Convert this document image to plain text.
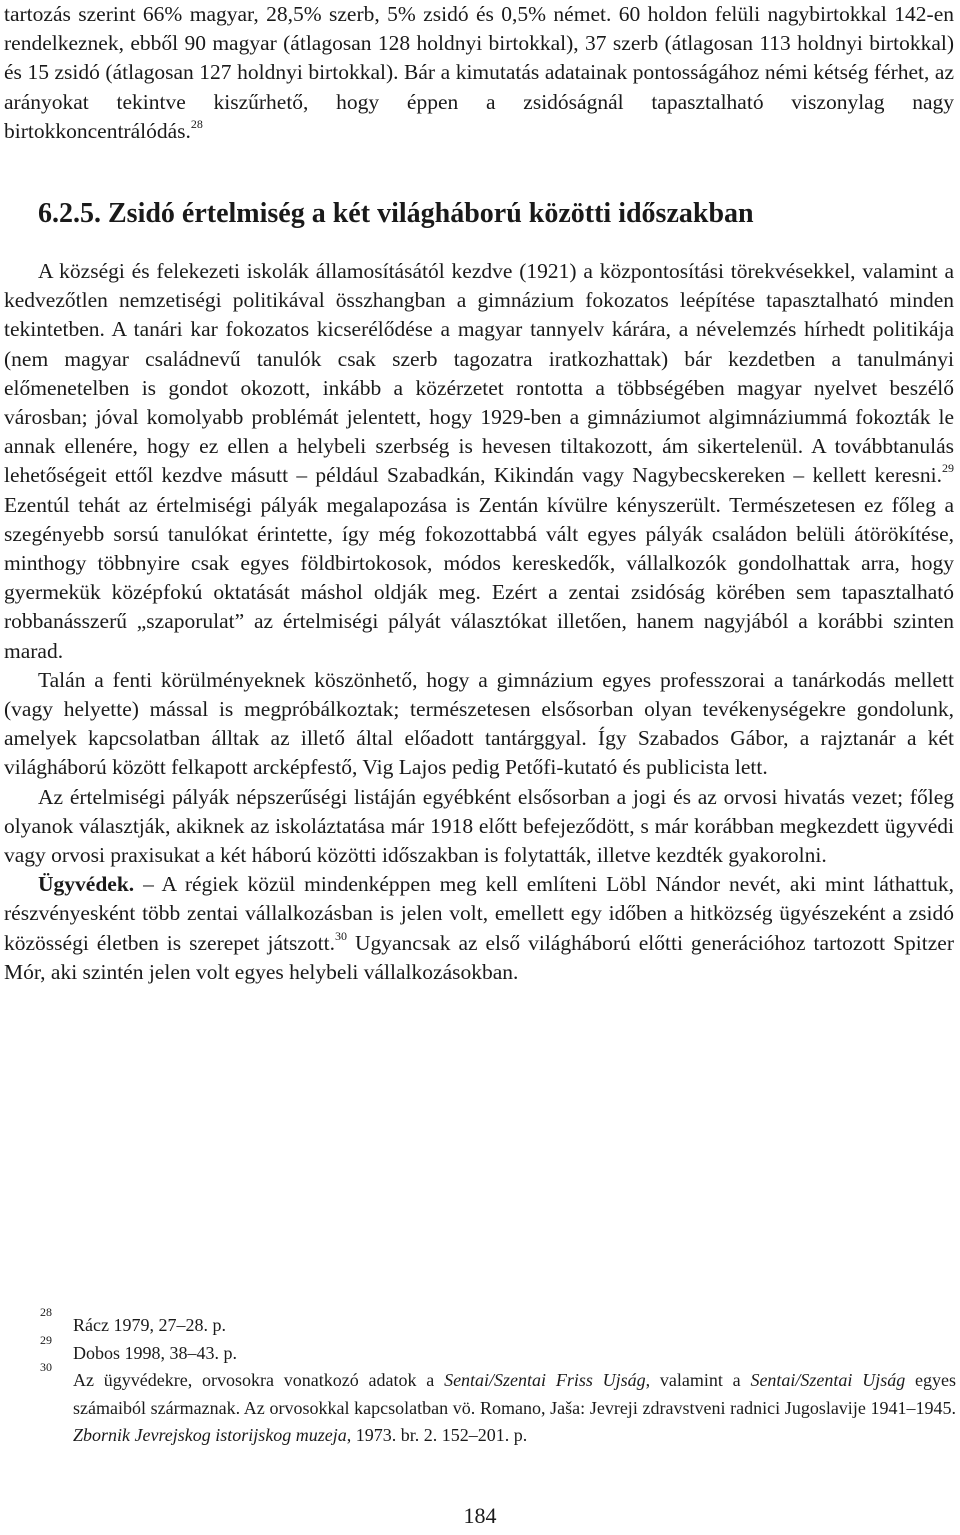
tartozás szerint 66% magyar, 28,5% szerb, 5% zsidó és 0,5% német. 60 holdon felüli nagybirtokkal 142-en rendelkeznek, ebből 90 magyar (átlagosan 128 holdnyi birtokkal), 37 szerb (átlagosan 113 holdnyi birtokkal) és 15 zsidó (átlagosan 127 holdnyi birtokkal). Bár a kimutatás adatainak pontosságához némi kétség férhet, az arányokat tekintve kiszűrhető, hogy éppen a zsidóságnál tapasztalható viszonylag nagy birtokkoncentrálódás.$^{28}$

6.2.5. Zsidó értelmiség a két világháború közötti időszakban

A községi és felekezeti iskolák államosításától kezdve (1921) a központosítási törekvésekkel, valamint a kedvezőtlen nemzetiségi politikával összhangban a gimnázium fokozatos leépítése tapasztalható minden tekintetben. A tanári kar fokozatos kicserélődése a magyar tannyelv kárára, a névelemzés hírhedt politikája (nem magyar családnevű tanulók csak szerb tagozatra iratkozhattak) bár kezdetben a tanulmányi előmenetelben is gondot okozott, inkább a közérzetet rontotta a többségében magyar nyelvet beszélő városban; jóval komolyabb problémát jelentett, hogy 1929-ben a gimnáziumot algimnáziummá fokozták le annak ellenére, hogy ez ellen a helybeli szerbség is hevesen tiltakozott, ám sikertelenül. A továbbtanulás lehetőségeit ettől kezdve másutt – például Szabadkán, Kikindán vagy Nagybecskereken – kellett keresni.$^{29}$ Ezentúl tehát az értelmiségi pályák megalapozása is Zentán kívülre kényszerült. Természetesen ez főleg a szegényebb sorsú tanulókat érintette, így még fokozottabbá vált egyes pályák családon belüli átörökítése, minthogy többnyire csak egyes földbirtokosok, módos kereskedők, vállalkozók gondolhattak arra, hogy gyermekük középfokú oktatását máshol oldják meg. Ezért a zentai zsidóság körében sem tapasztalható robbanásszerű „szaporulat” az értelmiségi pályát választókat illetően, hanem nagyjából a korábbi szinten marad.

Talán a fenti körülményeknek köszönhető, hogy a gimnázium egyes professzorai a tanárkodás mellett (vagy helyette) mással is megpróbálkoztak; természetesen elsősorban olyan tevékenységekre gondolunk, amelyek kapcsolatban álltak az illető által előadott tantárggyal. Így Szabados Gábor, a rajztanár a két világháború között felkapott arcképfestő, Vig Lajos pedig Petőfi-kutató és publicista lett.

Az értelmiségi pályák népszerűségi listáján egyébként elsősorban a jogi és az orvosi hivatás vezet; főleg olyanok választják, akiknek az iskoláztatása már 1918 előtt befejeződött, s már korábban megkezdett ügyvédi vagy orvosi praxisukat a két háború közötti időszakban is folytatták, illetve kezdték gyakorolni.

Ügyvédek. – A régiek közül mindenképpen meg kell említeni Löbl Nándor nevét, aki mint láthattuk, részvényesként több zentai vállalkozásban is jelen volt, emellett egy időben a hitközség ügyészeként a zsidó közösségi életben is szerepet játszott.$^{30}$ Ugyancsak az első világháború előtti generációhoz tartozott Spitzer Mór, aki szintén jelen volt egyes helybeli vállalkozásokban.

28
Rácz 1979, 27–28. p.
29
Dobos 1998, 38–43. p.
30
Az ügyvédekre, orvosokra vonatkozó adatok a Sentai/Szentai Friss Ujság, valamint a Sentai/Szentai Ujság egyes számaiból származnak. Az orvosokkal kapcsolatban vö. Romano, Jaša: Jevreji zdravstveni radnici Jugoslavije 1941–1945. Zbornik Jevrejskog istorijskog muzeja, 1973. br. 2. 152–201. p.
184
